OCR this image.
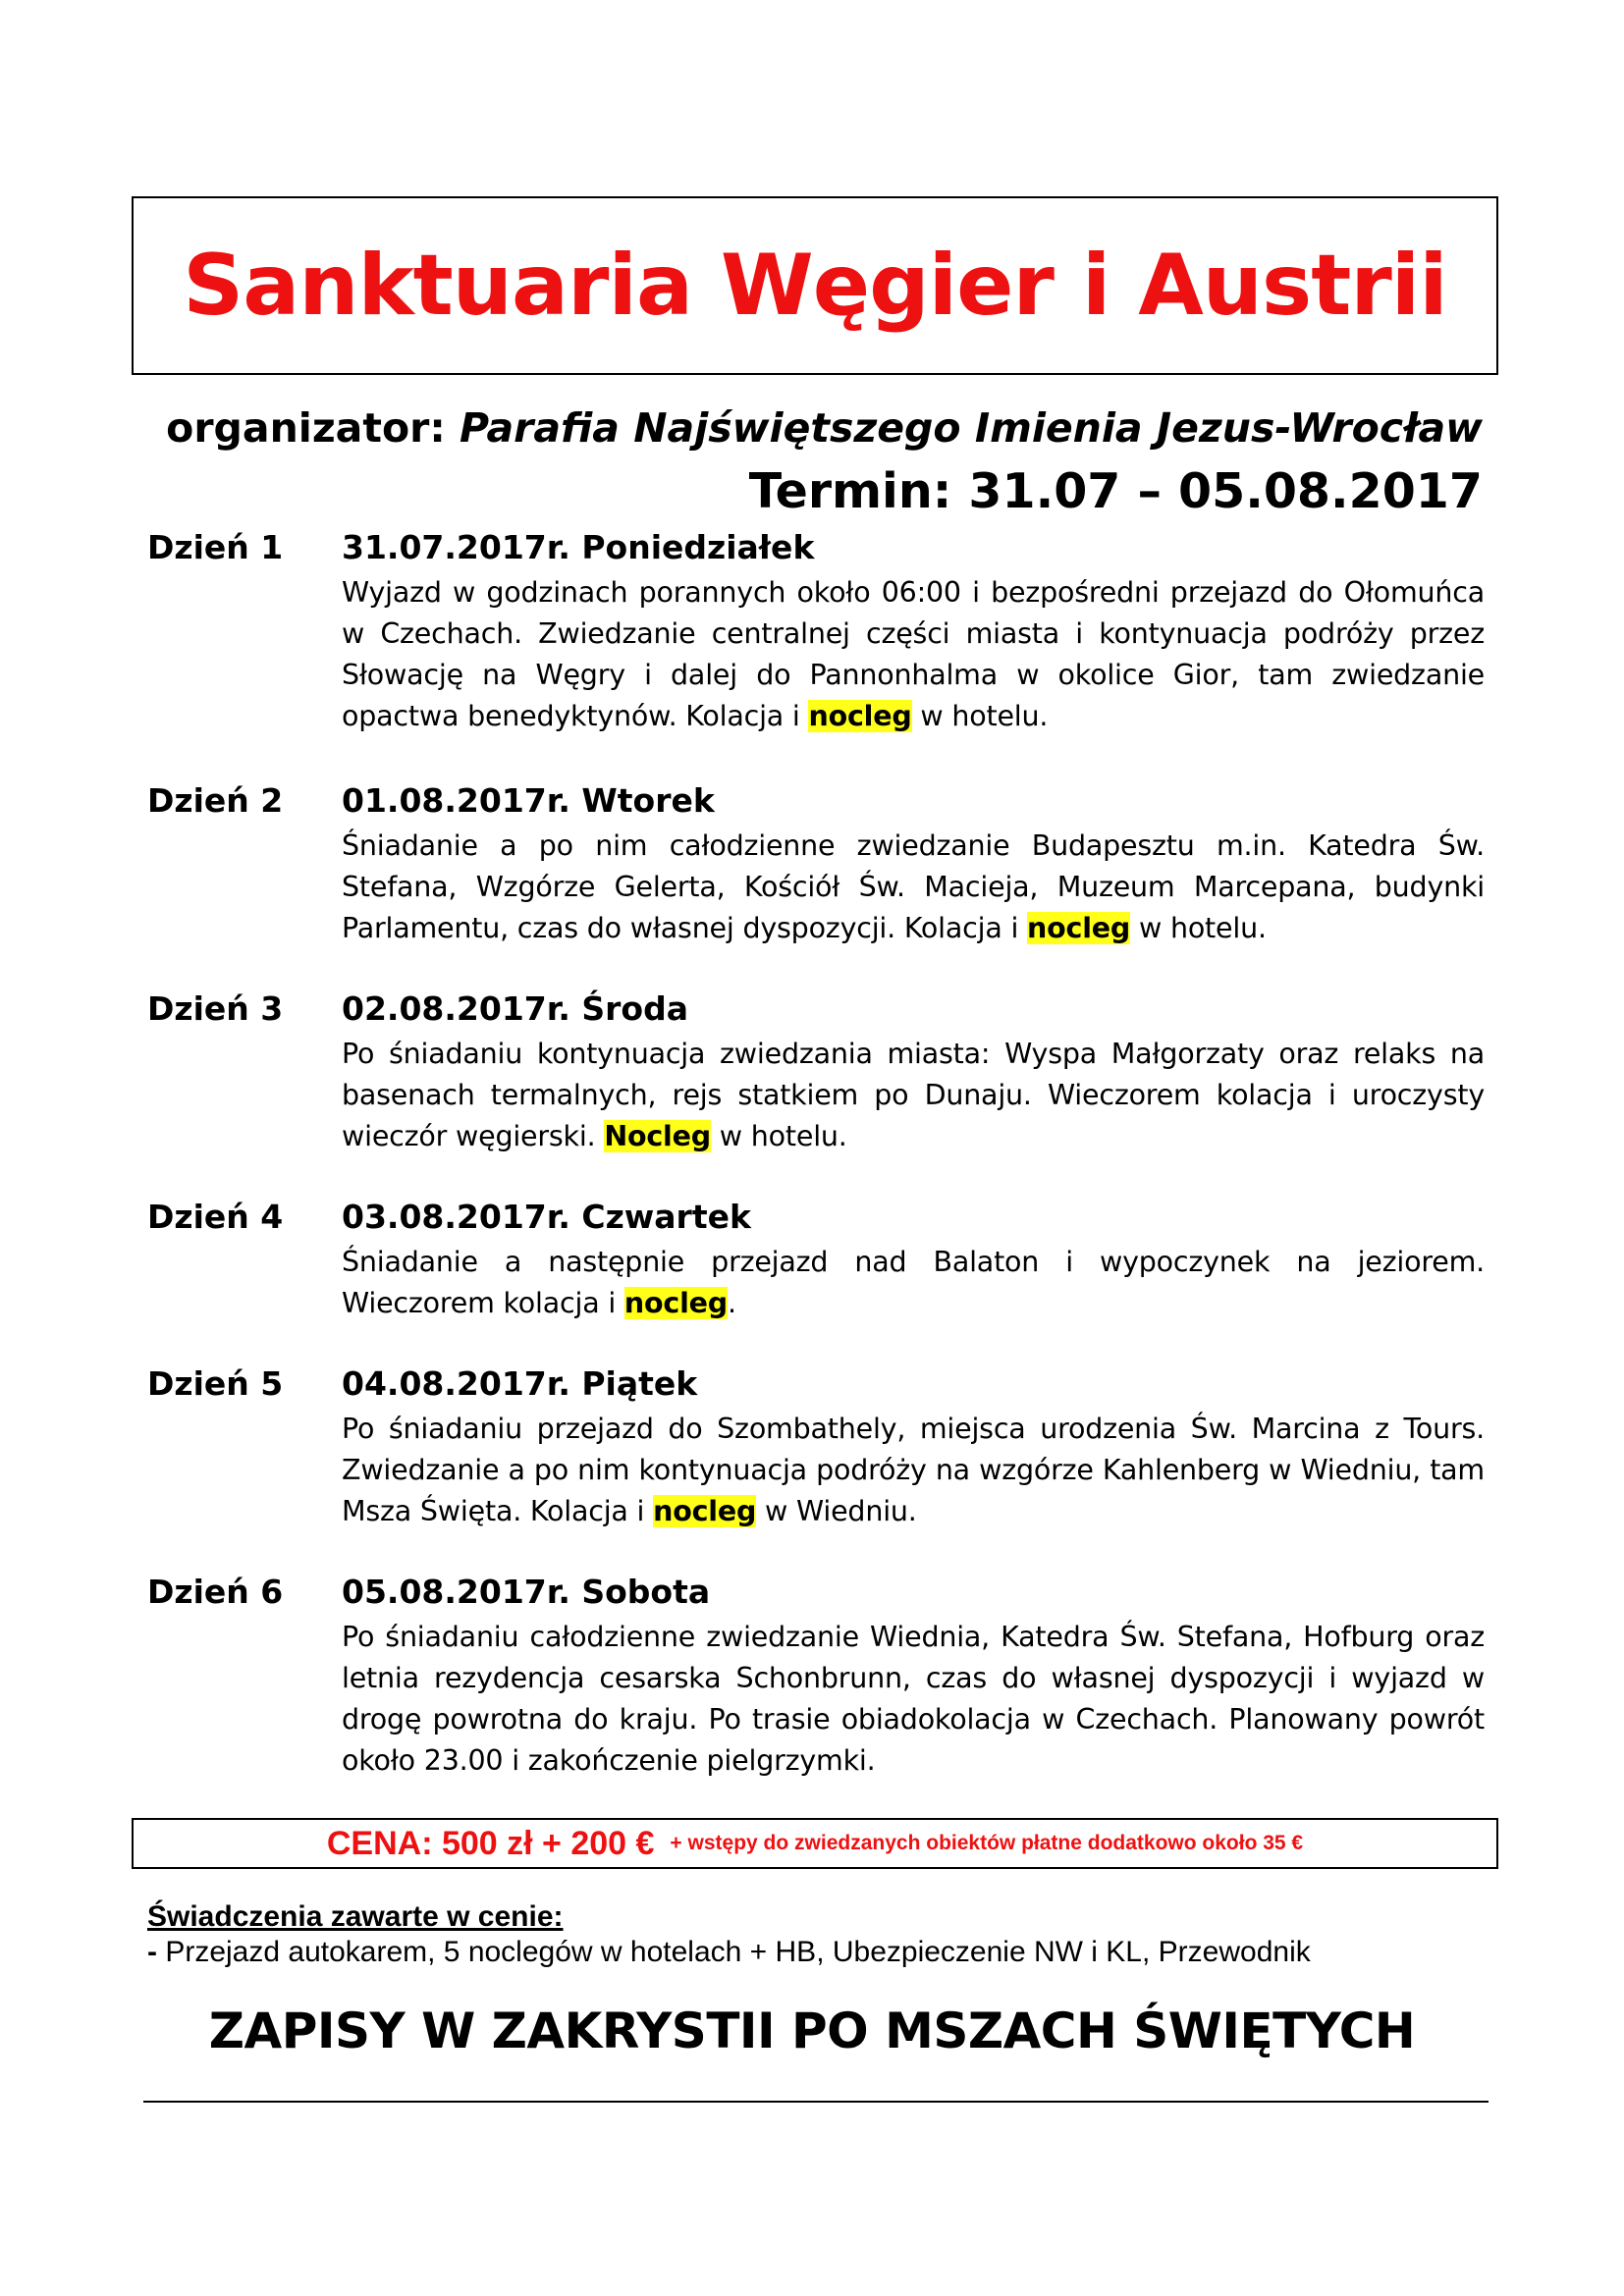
Sanktuaria Węgier i Austrii
organizator: Parafia Najświętszego Imienia Jezus-Wrocław
Termin: 31.07 – 05.08.2017
Dzień 1 31.07.2017r. Poniedziałek
Wyjazd w godzinach porannych około 06:00 i bezpośredni przejazd do Ołomuńca w Czechach. Zwiedzanie centralnej części miasta i kontynuacja podróży przez Słowację na Węgry i dalej do Pannonhalma w okolice Gior, tam zwiedzanie opactwa benedyktynów. Kolacja i nocleg w hotelu.
Dzień 2 01.08.2017r. Wtorek
Śniadanie a po nim całodzienne zwiedzanie Budapesztu m.in. Katedra Św. Stefana, Wzgórze Gelerta, Kościół Św. Macieja, Muzeum Marcepana, budynki Parlamentu, czas do własnej dyspozycji. Kolacja i nocleg w hotelu.
Dzień 3 02.08.2017r. Środa
Po śniadaniu kontynuacja zwiedzania miasta: Wyspa Małgorzaty oraz relaks na basenach termalnych, rejs statkiem po Dunaju. Wieczorem kolacja i uroczysty wieczór węgierski. Nocleg w hotelu.
Dzień 4 03.08.2017r. Czwartek
Śniadanie a następnie przejazd nad Balaton i wypoczynek na jeziorem. Wieczorem kolacja i nocleg.
Dzień 5 04.08.2017r. Piątek
Po śniadaniu przejazd do Szombathely, miejsca urodzenia Św. Marcina z Tours. Zwiedzanie a po nim kontynuacja podróży na wzgórze Kahlenberg w Wiedniu, tam Msza Święta. Kolacja i nocleg w Wiedniu.
Dzień 6 05.08.2017r. Sobota
Po śniadaniu całodzienne zwiedzanie Wiednia, Katedra Św. Stefana, Hofburg oraz letnia rezydencja cesarska Schonbrunn, czas do własnej dyspozycji i wyjazd w drogę powrotna do kraju. Po trasie obiadokolacja w Czechach. Planowany powrót około 23.00 i zakończenie pielgrzymki.
CENA: 500 zł + 200 € + wstępy do zwiedzanych obiektów płatne dodatkowo około 35 €
Świadczenia zawarte w cenie:
- Przejazd autokarem, 5 noclegów w hotelach + HB, Ubezpieczenie NW i KL, Przewodnik
ZAPISY W ZAKRYSTII PO MSZACH ŚWIĘTYCH
